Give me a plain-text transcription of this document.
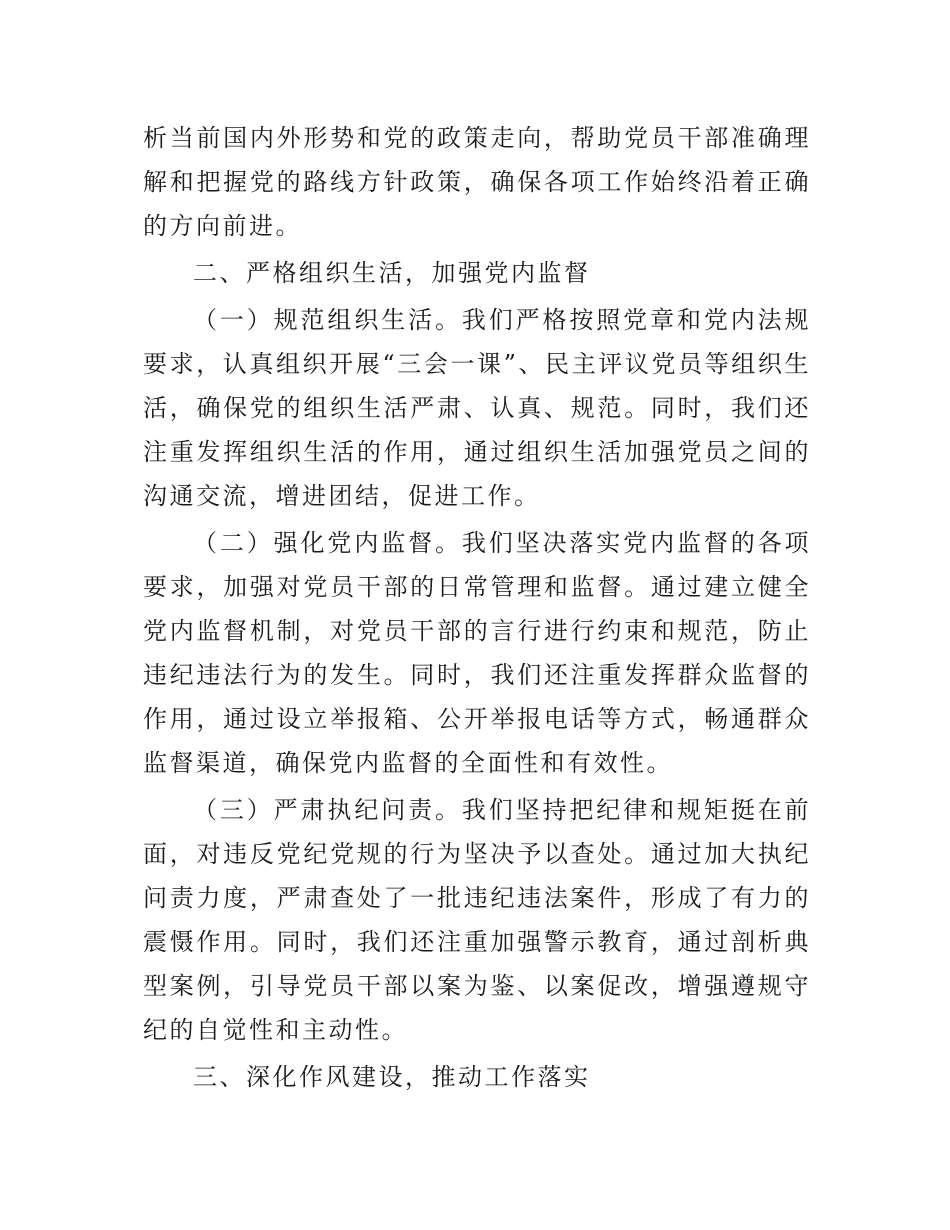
析当前国内外形势和党的政策走向，帮助党员干部准确理解和把握党的路线方针政策，确保各项工作始终沿着正确的方向前进。

二、严格组织生活，加强党内监督

（一）规范组织生活。我们严格按照党章和党内法规要求，认真组织开展“三会一课”、民主评议党员等组织生活，确保党的组织生活严肃、认真、规范。同时，我们还注重发挥组织生活的作用，通过组织生活加强党员之间的沟通交流，增进团结，促进工作。

（二）强化党内监督。我们坚决落实党内监督的各项要求，加强对党员干部的日常管理和监督。通过建立健全党内监督机制，对党员干部的言行进行约束和规范，防止违纪违法行为的发生。同时，我们还注重发挥群众监督的作用，通过设立举报箱、公开举报电话等方式，畅通群众监督渠道，确保党内监督的全面性和有效性。

（三）严肃执纪问责。我们坚持把纪律和规矩挺在前面，对违反党纪党规的行为坚决予以查处。通过加大执纪问责力度，严肃查处了一批违纪违法案件，形成了有力的震慑作用。同时，我们还注重加强警示教育，通过剖析典型案例，引导党员干部以案为鉴、以案促改，增强遵规守纪的自觉性和主动性。

三、深化作风建设，推动工作落实
